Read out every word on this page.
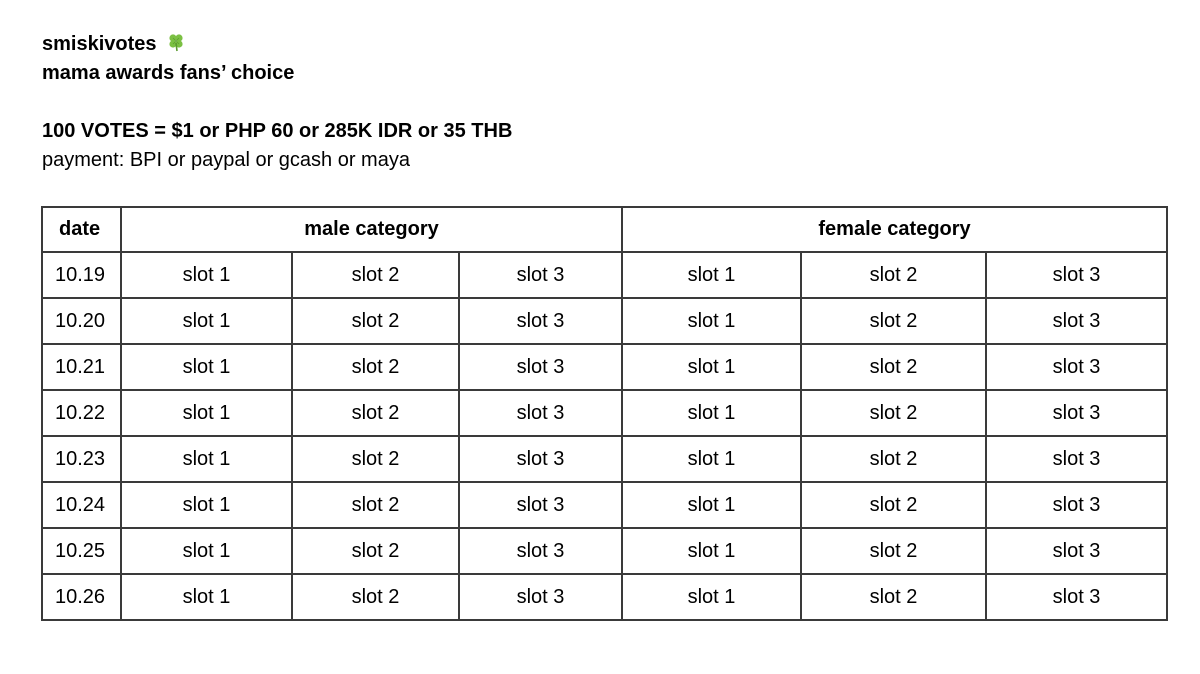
smiskivotes
mama awards fans’ choice
100 VOTES = $1 or PHP 60 or 285K IDR or 35 THB
payment: BPI or paypal or gcash or maya
date	male category			female category		
10.19	slot 1	slot 2	slot 3	slot 1	slot 2	slot 3
10.20	slot 1	slot 2	slot 3	slot 1	slot 2	slot 3
10.21	slot 1	slot 2	slot 3	slot 1	slot 2	slot 3
10.22	slot 1	slot 2	slot 3	slot 1	slot 2	slot 3
10.23	slot 1	slot 2	slot 3	slot 1	slot 2	slot 3
10.24	slot 1	slot 2	slot 3	slot 1	slot 2	slot 3
10.25	slot 1	slot 2	slot 3	slot 1	slot 2	slot 3
10.26	slot 1	slot 2	slot 3	slot 1	slot 2	slot 3
